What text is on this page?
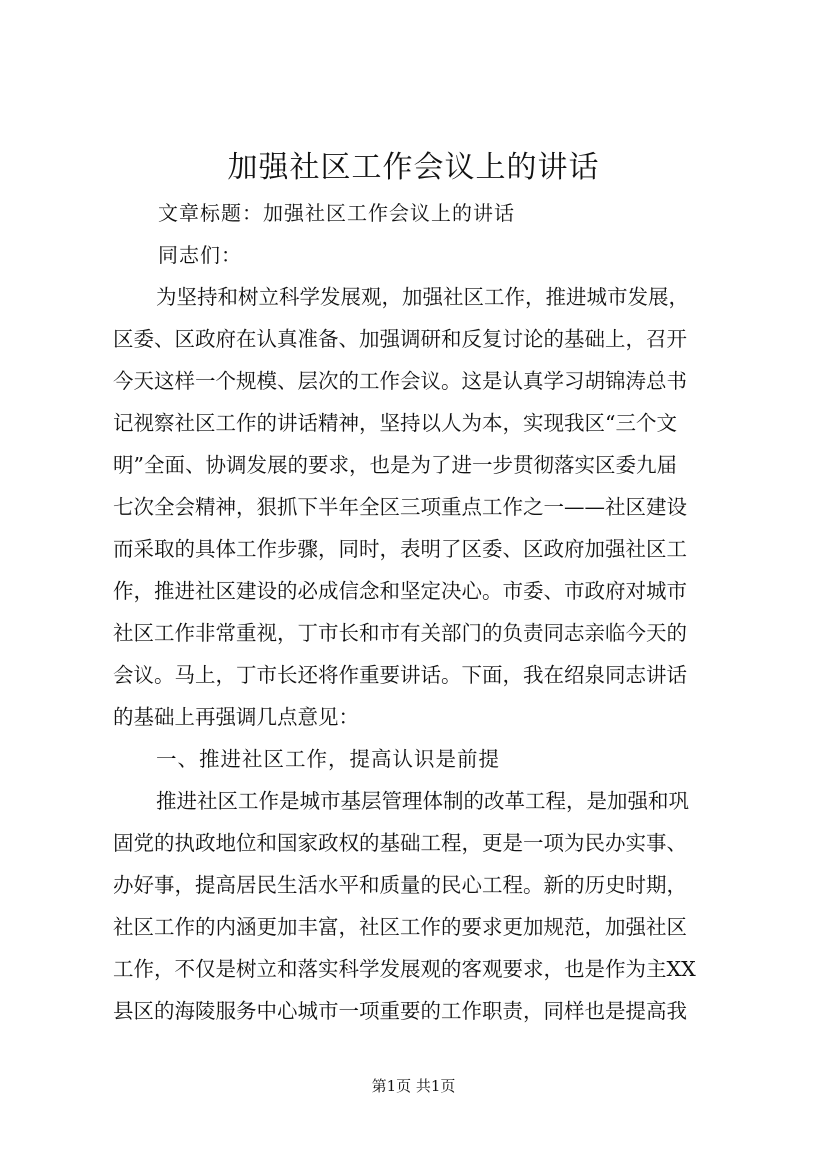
加强社区工作会议上的讲话
文章标题：加强社区工作会议上的讲话
同志们：
为坚持和树立科学发展观，加强社区工作，推进城市发展，
区委、区政府在认真准备、加强调研和反复讨论的基础上，召开
今天这样一个规模、层次的工作会议。这是认真学习胡锦涛总书
记视察社区工作的讲话精神，坚持以人为本，实现我区“三个文
明”全面、协调发展的要求，也是为了进一步贯彻落实区委九届
七次全会精神，狠抓下半年全区三项重点工作之一——社区建设
而采取的具体工作步骤，同时，表明了区委、区政府加强社区工
作，推进社区建设的必成信念和坚定决心。市委、市政府对城市
社区工作非常重视，丁市长和市有关部门的负责同志亲临今天的
会议。马上，丁市长还将作重要讲话。下面，我在绍泉同志讲话
的基础上再强调几点意见：
一、推进社区工作，提高认识是前提
推进社区工作是城市基层管理体制的改革工程，是加强和巩
固党的执政地位和国家政权的基础工程，更是一项为民办实事、
办好事，提高居民生活水平和质量的民心工程。新的历史时期，
社区工作的内涵更加丰富，社区工作的要求更加规范，加强社区
工作，不仅是树立和落实科学发展观的客观要求，也是作为主XX
县区的海陵服务中心城市一项重要的工作职责，同样也是提高我
第1页 共1页
